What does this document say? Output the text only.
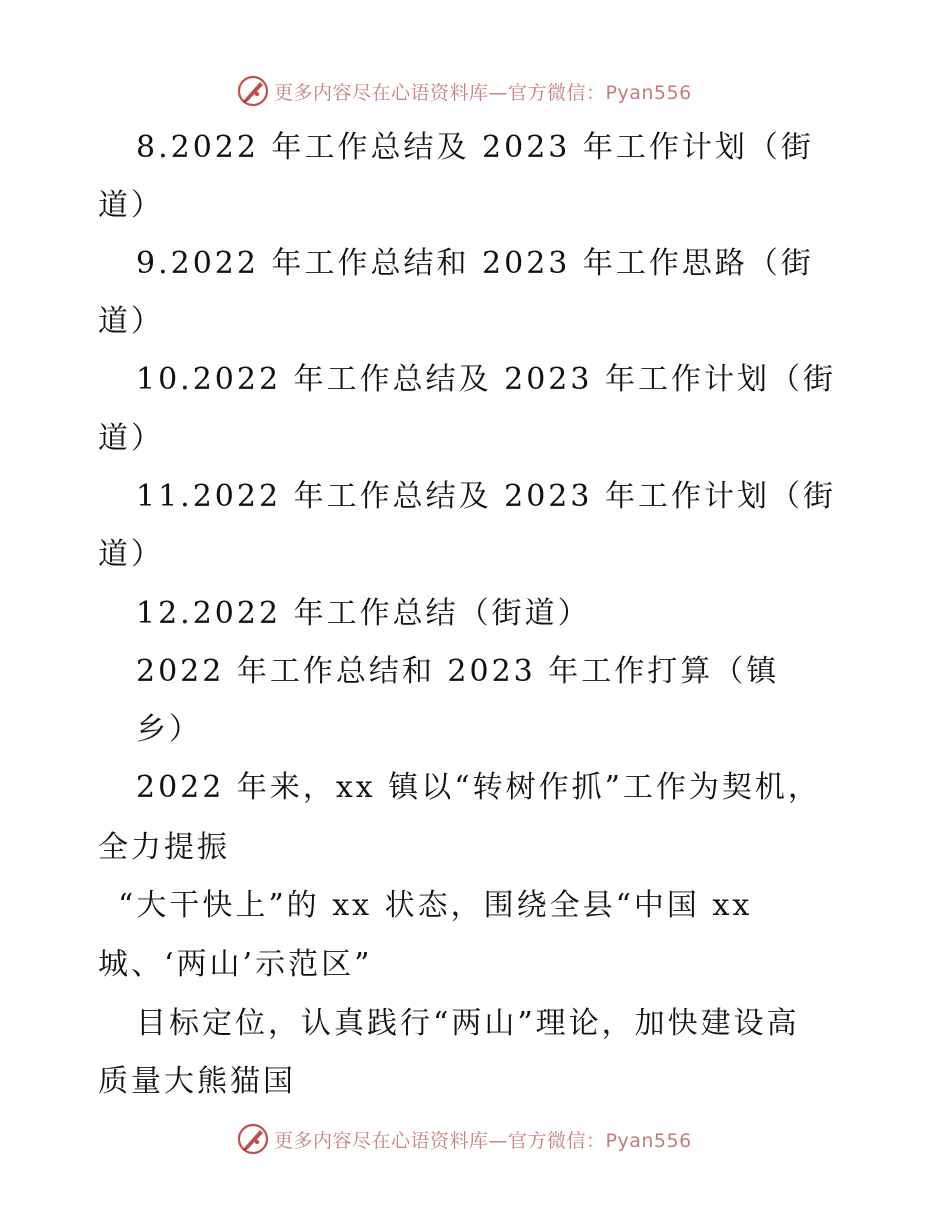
更多内容尽在心语资料库—官方微信：Pyan556
8.2022 年工作总结及 2023 年工作计划（街
道）
9.2022 年工作总结和 2023 年工作思路（街
道）
10.2022 年工作总结及 2023 年工作计划（街
道）
11.2022 年工作总结及 2023 年工作计划（街
道）
12.2022 年工作总结（街道）
2022 年工作总结和 2023 年工作打算（镇
乡）
2022 年来，xx 镇以“转树作抓”工作为契机，
全力提振
“大干快上”的 xx 状态，围绕全县“中国 xx
城、‘两山’示范区”
目标定位，认真践行“两山”理论，加快建设高
质量大熊猫国
更多内容尽在心语资料库—官方微信：Pyan556
